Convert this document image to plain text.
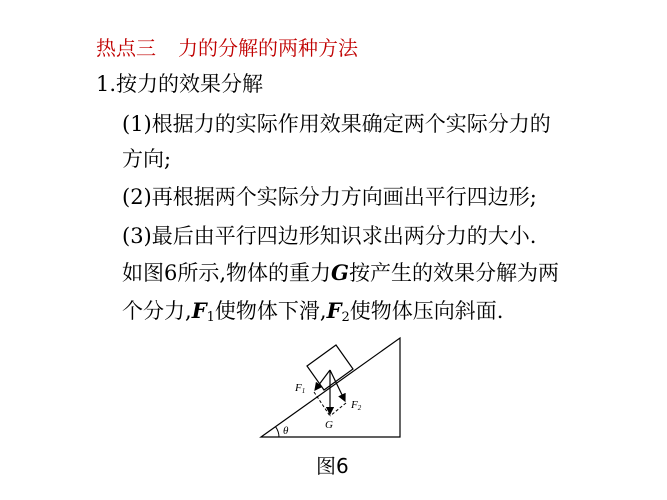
热点三 力的分解的两种方法
1.按力的效果分解
(1)根据力的实际作用效果确定两个实际分力的
方向;
(2)再根据两个实际分力方向画出平行四边形;
(3)最后由平行四边形知识求出两分力的大小.
如图6所示,物体的重力G按产生的效果分解为两
个分力$,F_1$使物体下滑$,F_2$使物体压向斜面.
F1
F2
G
θ
图6
